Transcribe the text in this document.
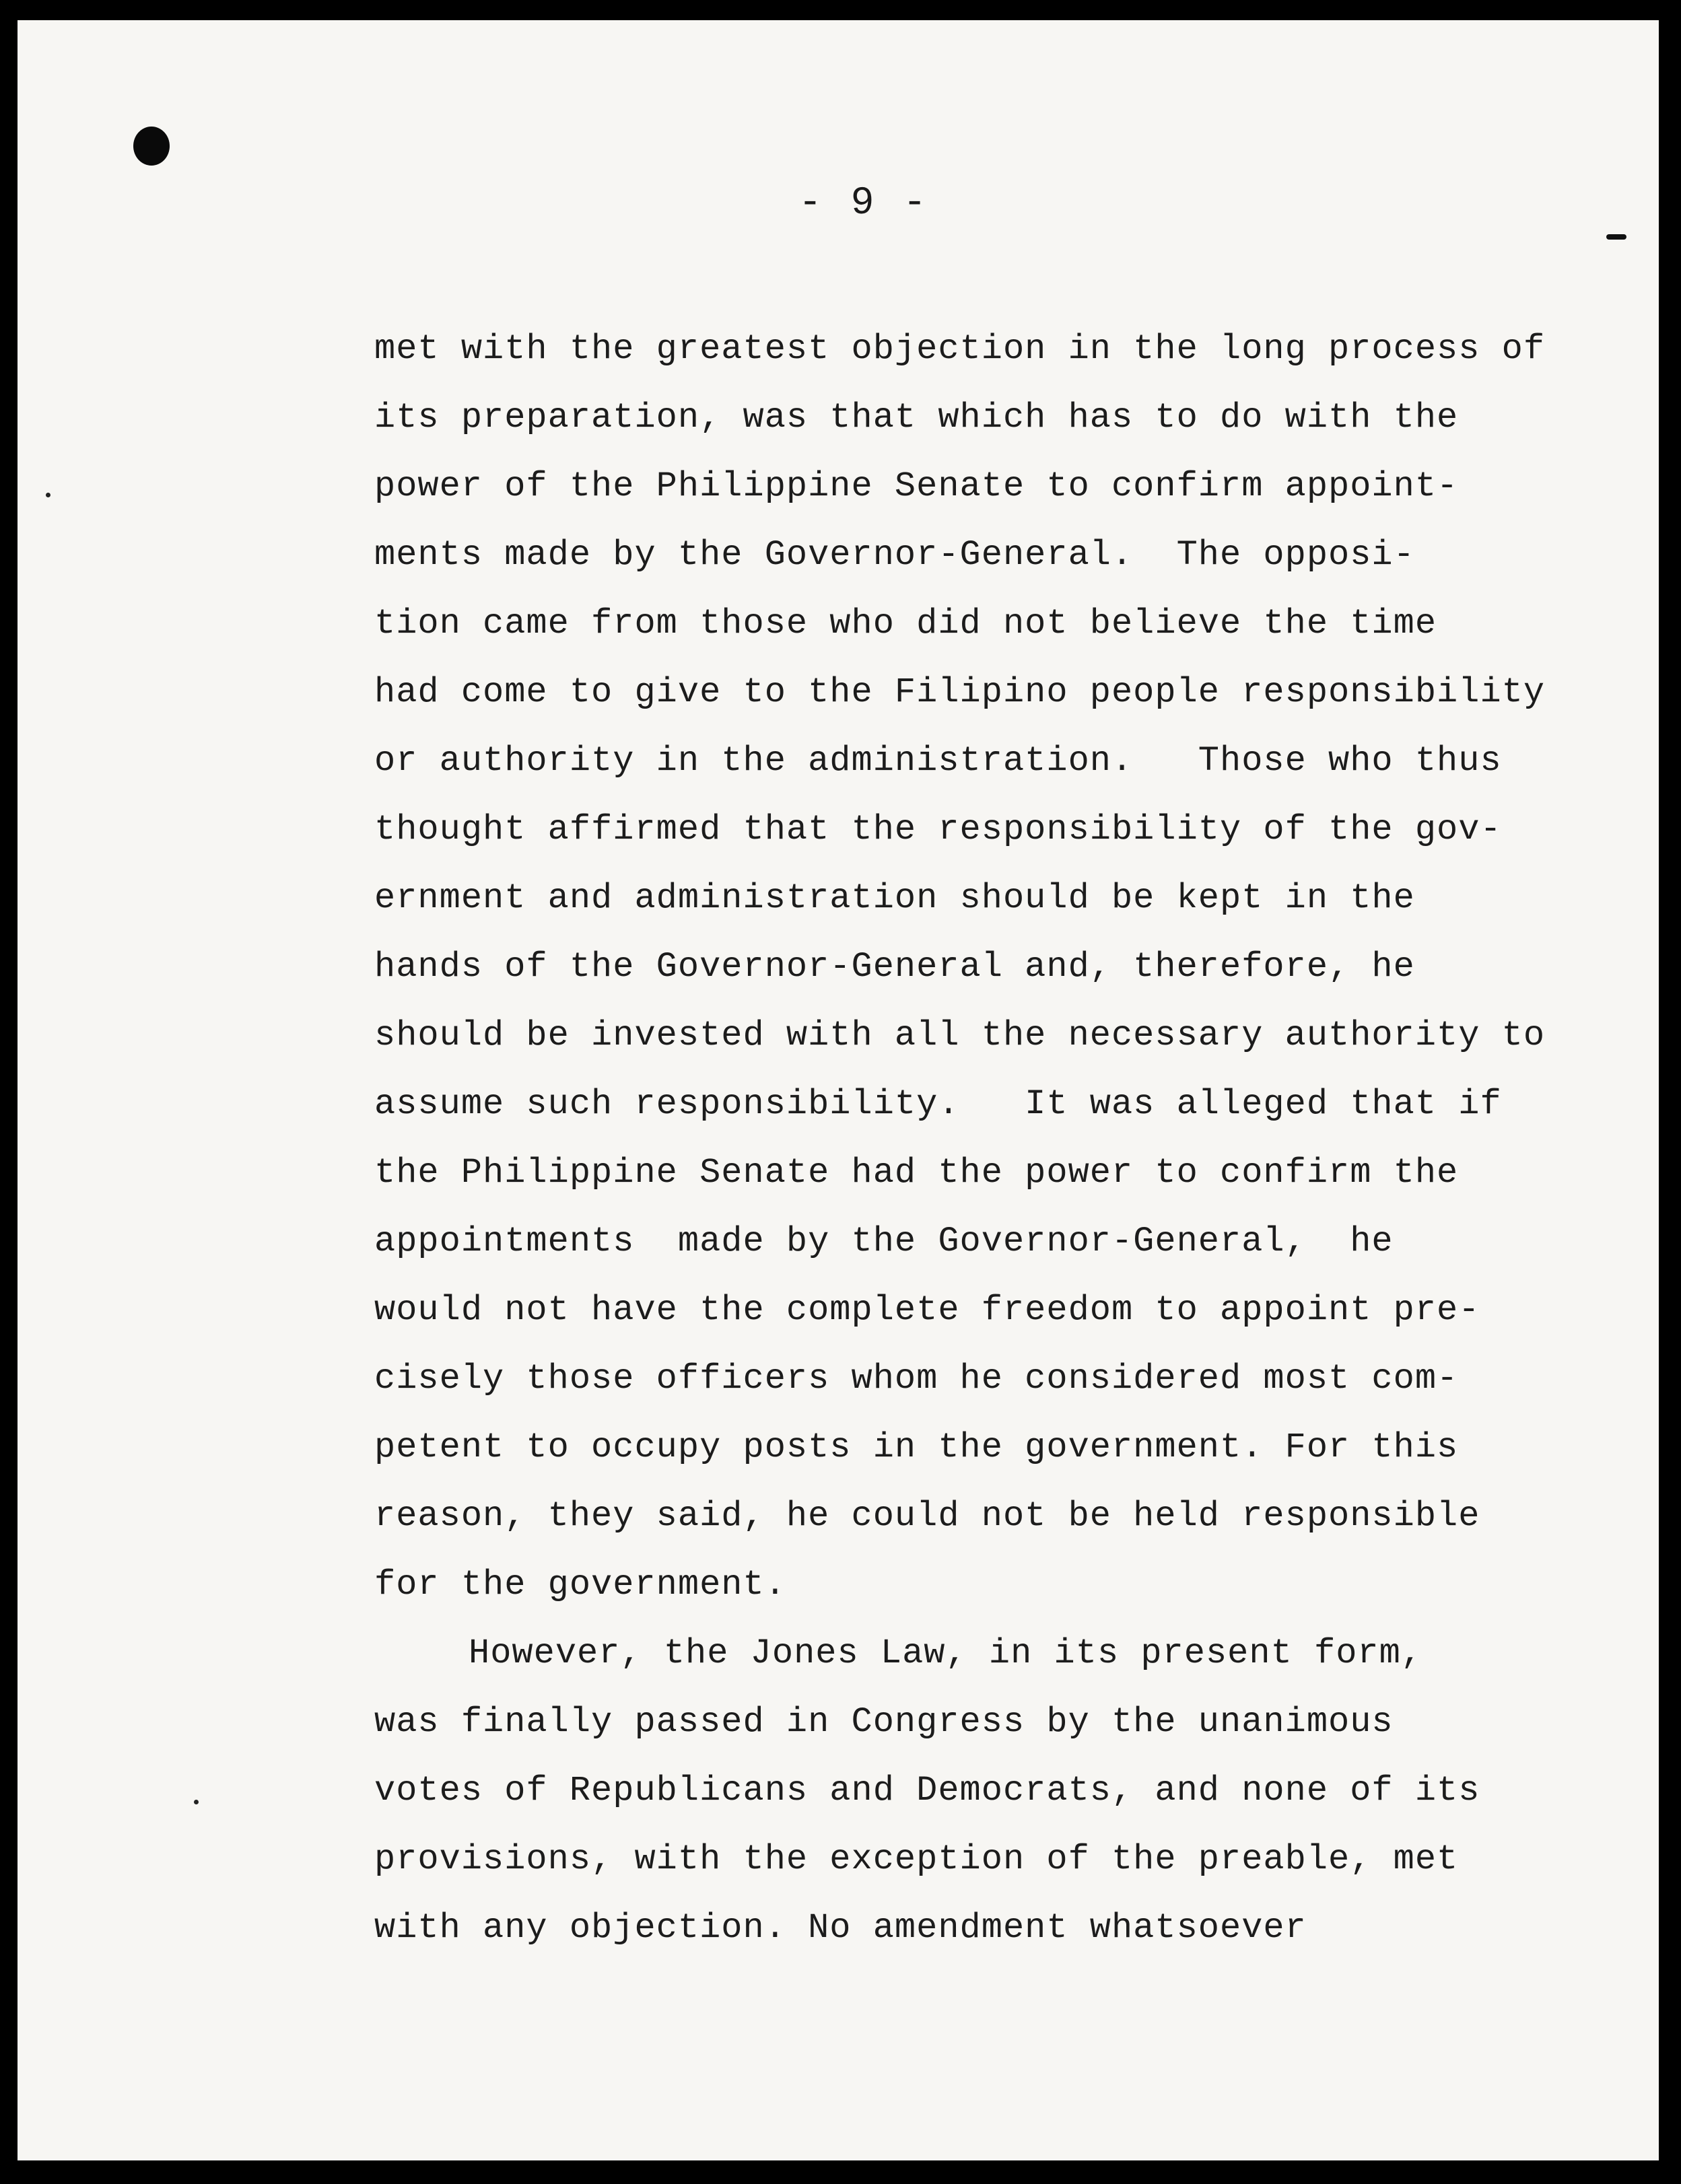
- 9 -
met with the greatest objection in the long process of
its preparation, was that which has to do with the
power of the Philippine Senate to confirm appoint-
ments made by the Governor-General.  The opposi-
tion came from those who did not believe the time
had come to give to the Filipino people responsibility
or authority in the administration.   Those who thus
thought affirmed that the responsibility of the gov-
ernment and administration should be kept in the
hands of the Governor-General and, therefore, he
should be invested with all the necessary authority to
assume such responsibility.   It was alleged that if
the Philippine Senate had the power to confirm the
appointments  made by the Governor-General,  he
would not have the complete freedom to appoint pre-
cisely those officers whom he considered most com-
petent to occupy posts in the government. For this
reason, they said, he could not be held responsible
for the government.
However, the Jones Law, in its present form,
was finally passed in Congress by the unanimous
votes of Republicans and Democrats, and none of its
provisions, with the exception of the preable, met
with any objection. No amendment whatsoever
